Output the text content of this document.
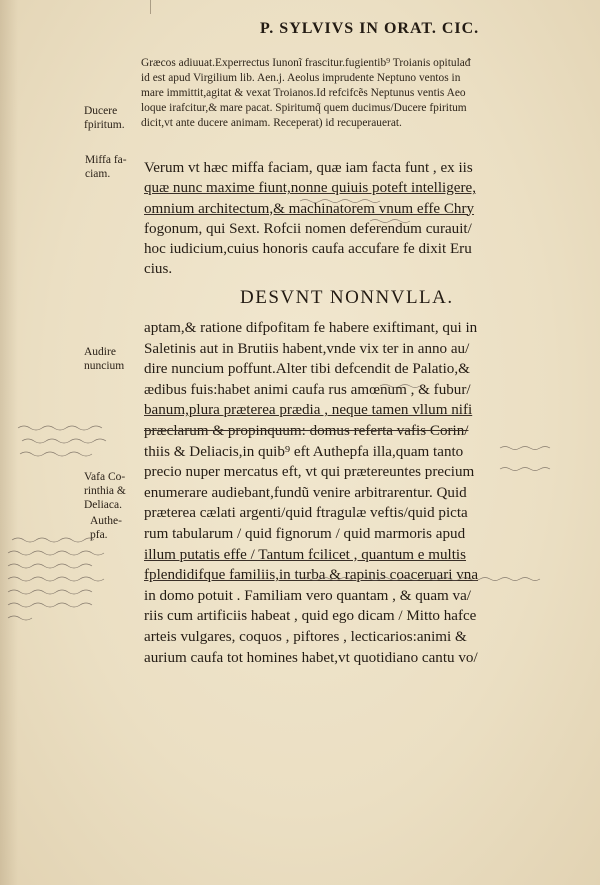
P. SYLVIVS IN ORAT. CIC.
Græcos adiuuat.Experrectus Iunonĩ frascitur.fugientib⁹ Troianis opitulaᵭ
id est apud Virgilium lib. Aen.j. Aeolus imprudente Neptuno ventos in
mare immittit,agitat & vexat Troianos.Id refcifcẽs Neptunus ventis Aeo
loque irafcitur,& mare pacat. Spiritumq̃ quem ducimus/Ducere fpiritum
dicit,vt ante ducere animam. Receperat) id recuperauerat.
Ducere
fpiritum.
Miffa fa-
ciam.
Audire
nuncium
Vafa Co-
rinthia &
Deliaca.
Authe-
pfa.
Verum vt hæc miffa faciam, quæ iam facta funt , ex iis
quæ nunc maxime fiunt,nonne quiuis poteft intelligere,
omnium architectum,& machinatorem vnum effe Chry
fogonum, qui Sext. Rofcii nomen deferendum curauit/
hoc iudicium,cuius honoris caufa accufare fe dixit Eru
cius.
DESVNT NONNVLLA.
aptam,& ratione difpofitam fe habere exiftimant, qui in
Saletinis aut in Brutiis habent,vnde vix ter in anno au/
dire nuncium poffunt.Alter tibi defcendit de Palatio,&
ædibus fuis:habet animi caufa rus amœnum , & fubur/
banum,plura præterea prædia , neque tamen vllum nifi
præclarum & propinquum: domus referta vafis Corin/
thiis & Deliacis,in quib⁹ eft Authepfa illa,quam tanto
precio nuper mercatus eft, vt qui prætereuntes precium
enumerare audiebant,fundũ venire arbitrarentur. Quid
præterea cælati argenti/quid ftragulæ veftis/quid picta
rum tabularum / quid fignorum / quid marmoris apud
illum putatis effe / Tantum fcilicet , quantum e multis
fplendidifque familiis,in turba & rapinis coaceruari vna
in domo potuit . Familiam vero quantam , & quam va/
riis cum artificiis habeat , quid ego dicam / Mitto hafce
arteis vulgares, coquos , piftores , lecticarios:animi &
aurium caufa tot homines habet,vt quotidiano cantu vo/
